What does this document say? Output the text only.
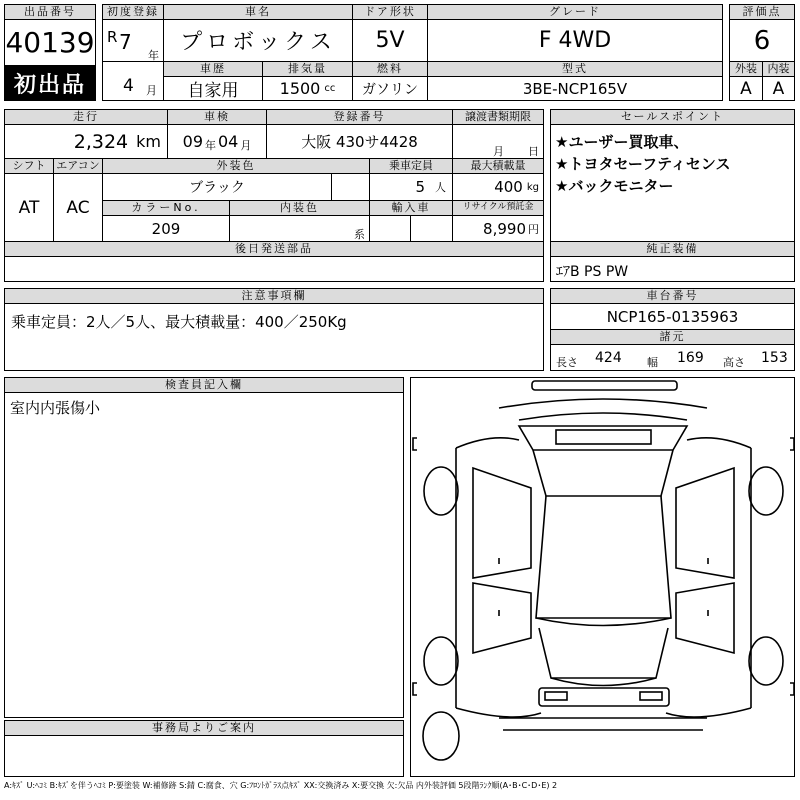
出品番号
40139
初出品
初度登録
R 7
年
4 月
車名
プロボックス
ドア形状
5V
グレード
F 4WD
評価点
6
車歴
自家用
排気量
1500 cc
燃料
ガソリン
型式
3BE-NCP165V
外装 内装
A	A
走行
2,324 km
車検
09 年 04 月
登録番号
大阪 430サ4428
譲渡書類期限
月 日
シフト
AT
エアコン
AC
外装色
ブラック
乗車定員
5 人
最大積載量
400 kg
カラーNo.
209
内装色
系
輸入車	リサイクル預託金
8,990 円
後日発送部品
セールスポイント
★ユーザー買取車、
★トヨタセーフティセンス
★バックモニター
純正装備
ｴｱB PS PW
注意事項欄
乗車定員：2人／5人、最大積載量：400／250Kg
車台番号
NCP165-0135963
諸元
長さ 424 幅 169 高さ 153
検査員記入欄
室内内張傷小
事務局よりご案内
A:ｷｽﾞ U:ﾍｺﾐ B:ｷｽﾞを伴うﾍｺﾐ P:要塗装 W:補修跡 S:錆 C:腐食、穴 G:ﾌﾛﾝﾄｶﾞﾗｽ点ｷｽﾞ XX:交換済み X:要交換 欠:欠品 内外装評価 5段階ﾗﾝｸ順(A･B･C･D･E) 2
